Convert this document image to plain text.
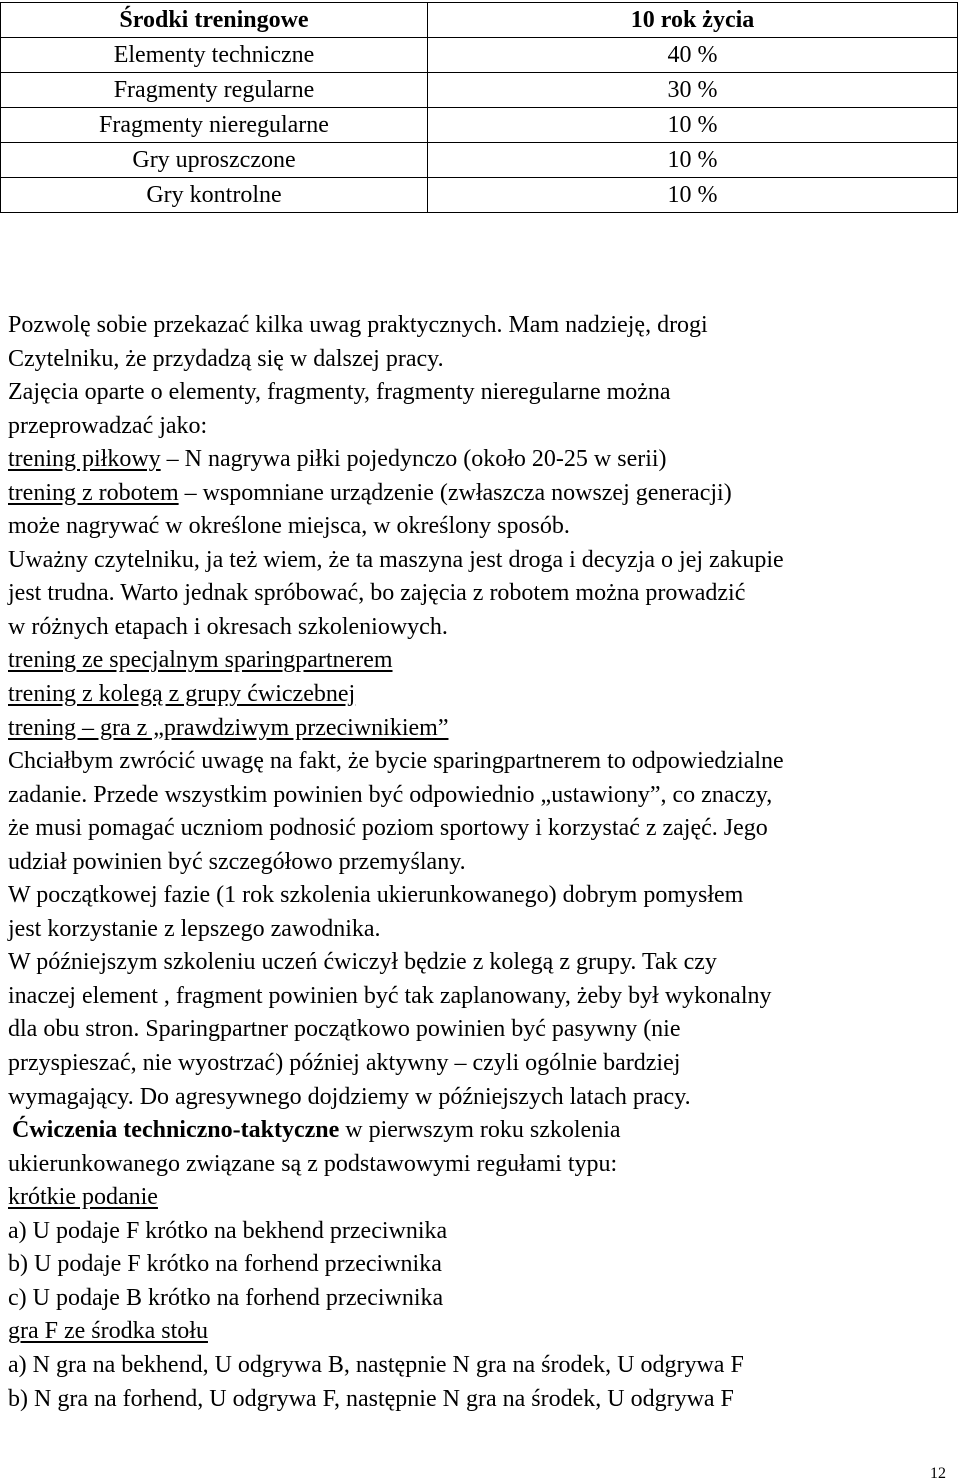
Środki treningowe	10 rok życia
Elementy techniczne	40 %
Fragmenty regularne	30 %
Fragmenty nieregularne	10 %
Gry uproszczone	10 %
Gry kontrolne	10 %
Pozwolę sobie przekazać kilka uwag praktycznych. Mam nadzieję, drogi
Czytelniku, że przydadzą się w dalszej pracy.
Zajęcia oparte o elementy, fragmenty, fragmenty nieregularne można
przeprowadzać jako:
trening piłkowy – N nagrywa piłki pojedynczo (około 20-25 w serii)
trening z robotem – wspomniane urządzenie (zwłaszcza nowszej generacji)
może nagrywać w określone miejsca, w określony sposób.
Uważny czytelniku, ja też wiem, że ta maszyna jest droga i decyzja o jej zakupie
jest trudna. Warto jednak spróbować, bo zajęcia z robotem można prowadzić
w różnych etapach i okresach szkoleniowych.
trening ze specjalnym sparingpartnerem
trening z kolegą z grupy ćwiczebnej
trening – gra z „prawdziwym przeciwnikiem”
Chciałbym zwrócić uwagę na fakt, że bycie sparingpartnerem to odpowiedzialne
zadanie. Przede wszystkim powinien być odpowiednio „ustawiony”, co znaczy,
że musi pomagać uczniom podnosić poziom sportowy i korzystać z zajęć. Jego
udział powinien być szczegółowo przemyślany.
W początkowej fazie (1 rok szkolenia ukierunkowanego) dobrym pomysłem
jest korzystanie z lepszego zawodnika.
W późniejszym szkoleniu uczeń ćwiczył będzie z kolegą z grupy. Tak czy
inaczej element , fragment powinien być tak zaplanowany, żeby był wykonalny
dla obu stron. Sparingpartner początkowo powinien być pasywny (nie
przyspieszać, nie wyostrzać) później aktywny – czyli ogólnie bardziej
wymagający. Do agresywnego dojdziemy w późniejszych latach pracy.
Ćwiczenia techniczno-taktyczne w pierwszym roku szkolenia
ukierunkowanego związane są z podstawowymi regułami typu:
krótkie podanie
a) U podaje F krótko na bekhend przeciwnika
b) U podaje F krótko na forhend przeciwnika
c) U podaje B krótko na forhend przeciwnika
gra F ze środka stołu
a) N gra na bekhend, U odgrywa B, następnie N gra na środek, U odgrywa F
b) N gra na forhend, U odgrywa F, następnie N gra na środek, U odgrywa F
12
